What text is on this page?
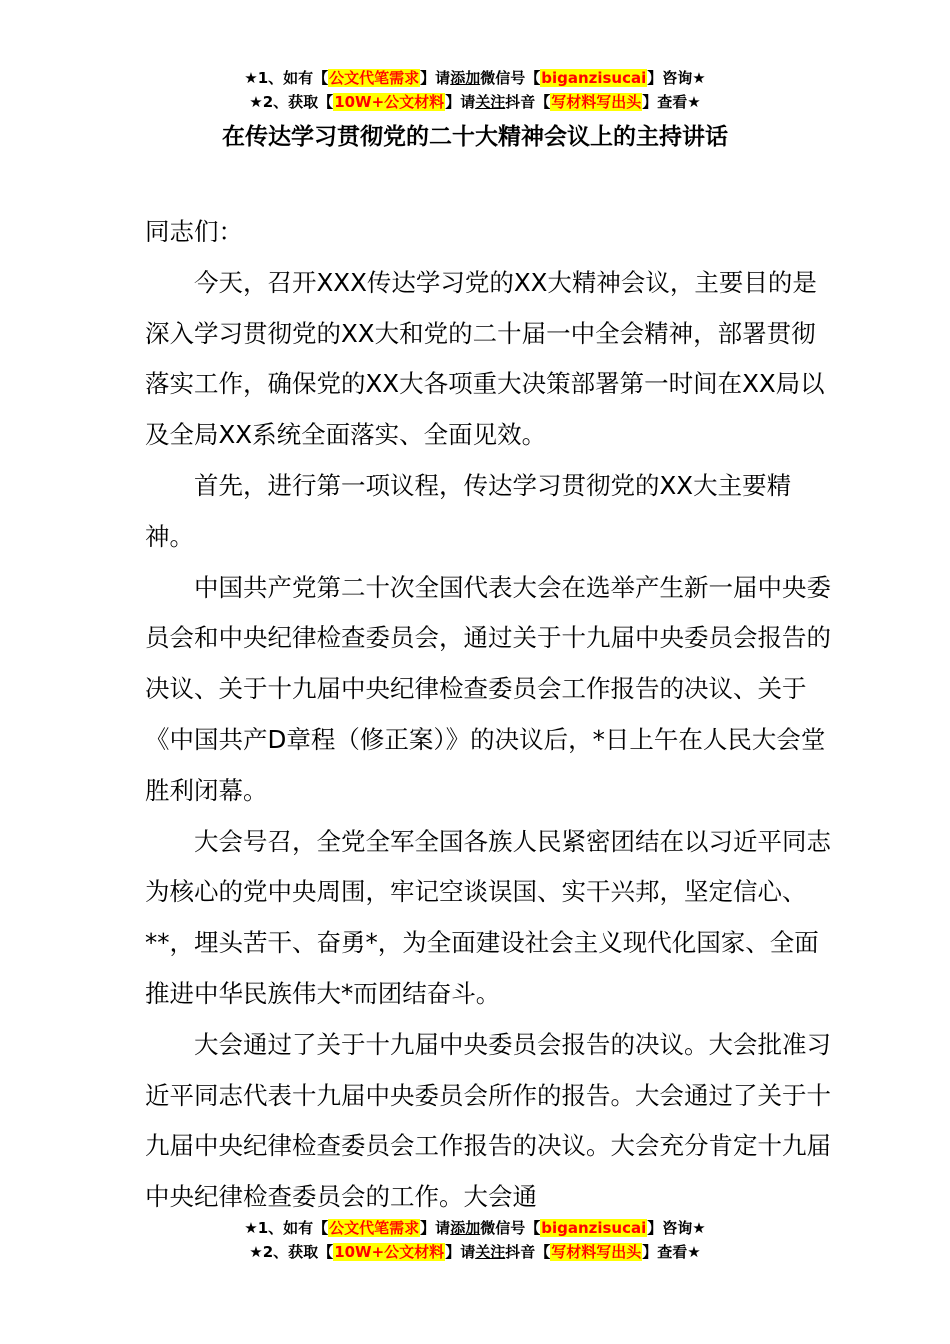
★1、如有【公文代笔需求】请添加微信号【biganzisucai】咨询★
★2、获取【10W+公文材料】请关注抖音【写材料写出头】查看★
在传达学习贯彻党的二十大精神会议上的主持讲话

同志们：

今天，召开XXX传达学习党的XX大精神会议，主要目的是深入学习贯彻党的XX大和党的二十届一中全会精神，部署贯彻落实工作，确保党的XX大各项重大决策部署第一时间在XX局以及全局XX系统全面落实、全面见效。

首先，进行第一项议程，传达学习贯彻党的XX大主要精神。

中国共产党第二十次全国代表大会在选举产生新一届中央委员会和中央纪律检查委员会，通过关于十九届中央委员会报告的决议、关于十九届中央纪律检查委员会工作报告的决议、关于《中国共产D章程（修正案）》的决议后，*日上午在人民大会堂胜利闭幕。

大会号召，全党全军全国各族人民紧密团结在以习近平同志为核心的党中央周围，牢记空谈误国、实干兴邦，坚定信心、**，埋头苦干、奋勇*，为全面建设社会主义现代化国家、全面推进中华民族伟大*而团结奋斗。

大会通过了关于十九届中央委员会报告的决议。大会批准习近平同志代表十九届中央委员会所作的报告。大会通过了关于十九届中央纪律检查委员会工作报告的决议。大会充分肯定十九届中央纪律检查委员会的工作。大会通

★1、如有【公文代笔需求】请添加微信号【biganzisucai】咨询★
★2、获取【10W+公文材料】请关注抖音【写材料写出头】查看★
